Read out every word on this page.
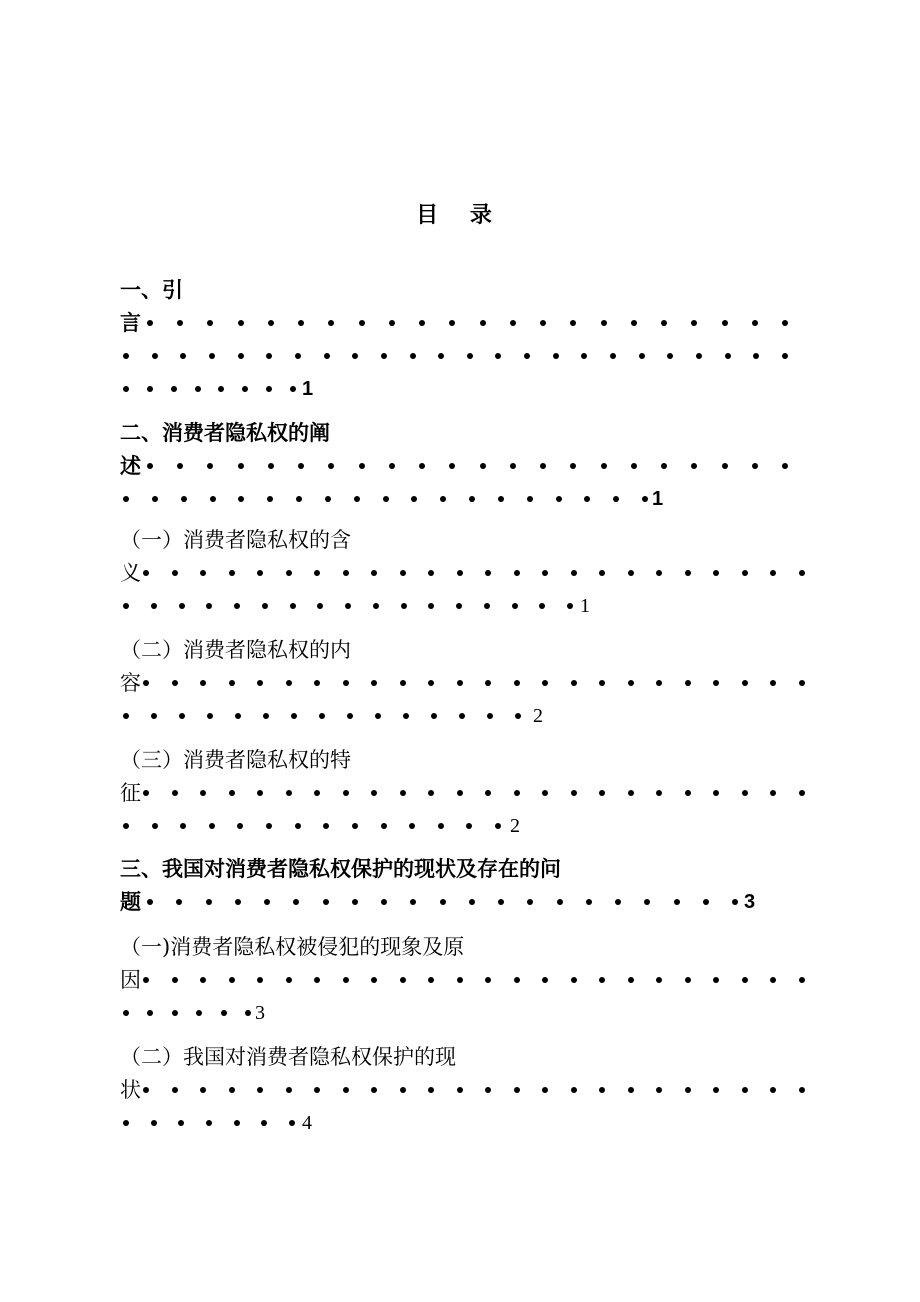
目 录
一、引
言
1
二、消费者隐私权的阐
述
1
（一）消费者隐私权的含
义
1
（二）消费者隐私权的内
容
2
（三）消费者隐私权的特
征
2
三、我国对消费者隐私权保护的现状及存在的问
题	3
（一)消费者隐私权被侵犯的现象及原
因
3
（二）我国对消费者隐私权保护的现
状
4
